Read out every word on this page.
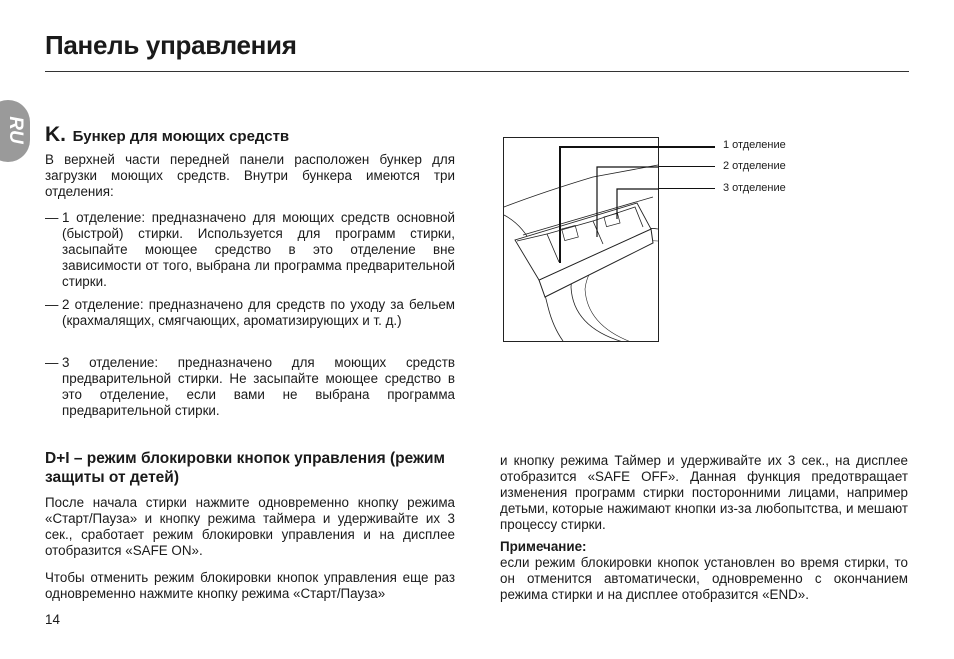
Панель управления
RU K. Бункер для моющих средств

В верхней части передней панели расположен бункер для загрузки моющих средств. Внутри бункера имеются три отделения:

— 1 отделение: предназначено для моющих средств основной (быстрой) стирки. Используется для программ стирки, засыпайте моющее средство в это отделение вне зависимости от того, выбрана ли программа предварительной стирки.

— 2 отделение: предназначено для средств по уходу за бельем (крахмалящих, смягчающих, ароматизирующих и т. д.)

— 3 отделение: предназначено для моющих средств предварительной стирки. Не засыпайте моющее средство в это отделение, если вами не выбрана программа предварительной стирки.

1 отделение
2 отделение
3 отделение
D+I – режим блокировки кнопок управления (режим защиты от детей)

После начала стирки нажмите одновременно кнопку режима «Старт/Пауза» и кнопку режима таймера и удерживайте их 3 сек., сработает режим блокировки управления и на дисплее отобразится «SAFE ON».

Чтобы отменить режим блокировки кнопок управления еще раз одновременно нажмите кнопку режима «Старт/Пауза»

и кнопку режима Таймер и удерживайте их 3 сек., на дисплее отобразится «SAFE OFF». Данная функция предотвращает изменения программ стирки посторонними лицами, например детьми, которые нажимают кнопки из-за любопытства, и мешают процессу стирки.

Примечание:

если режим блокировки кнопок установлен во время стирки, то он отменится автоматически, одновременно с окончанием режима стирки и на дисплее отобразится «END».

14
